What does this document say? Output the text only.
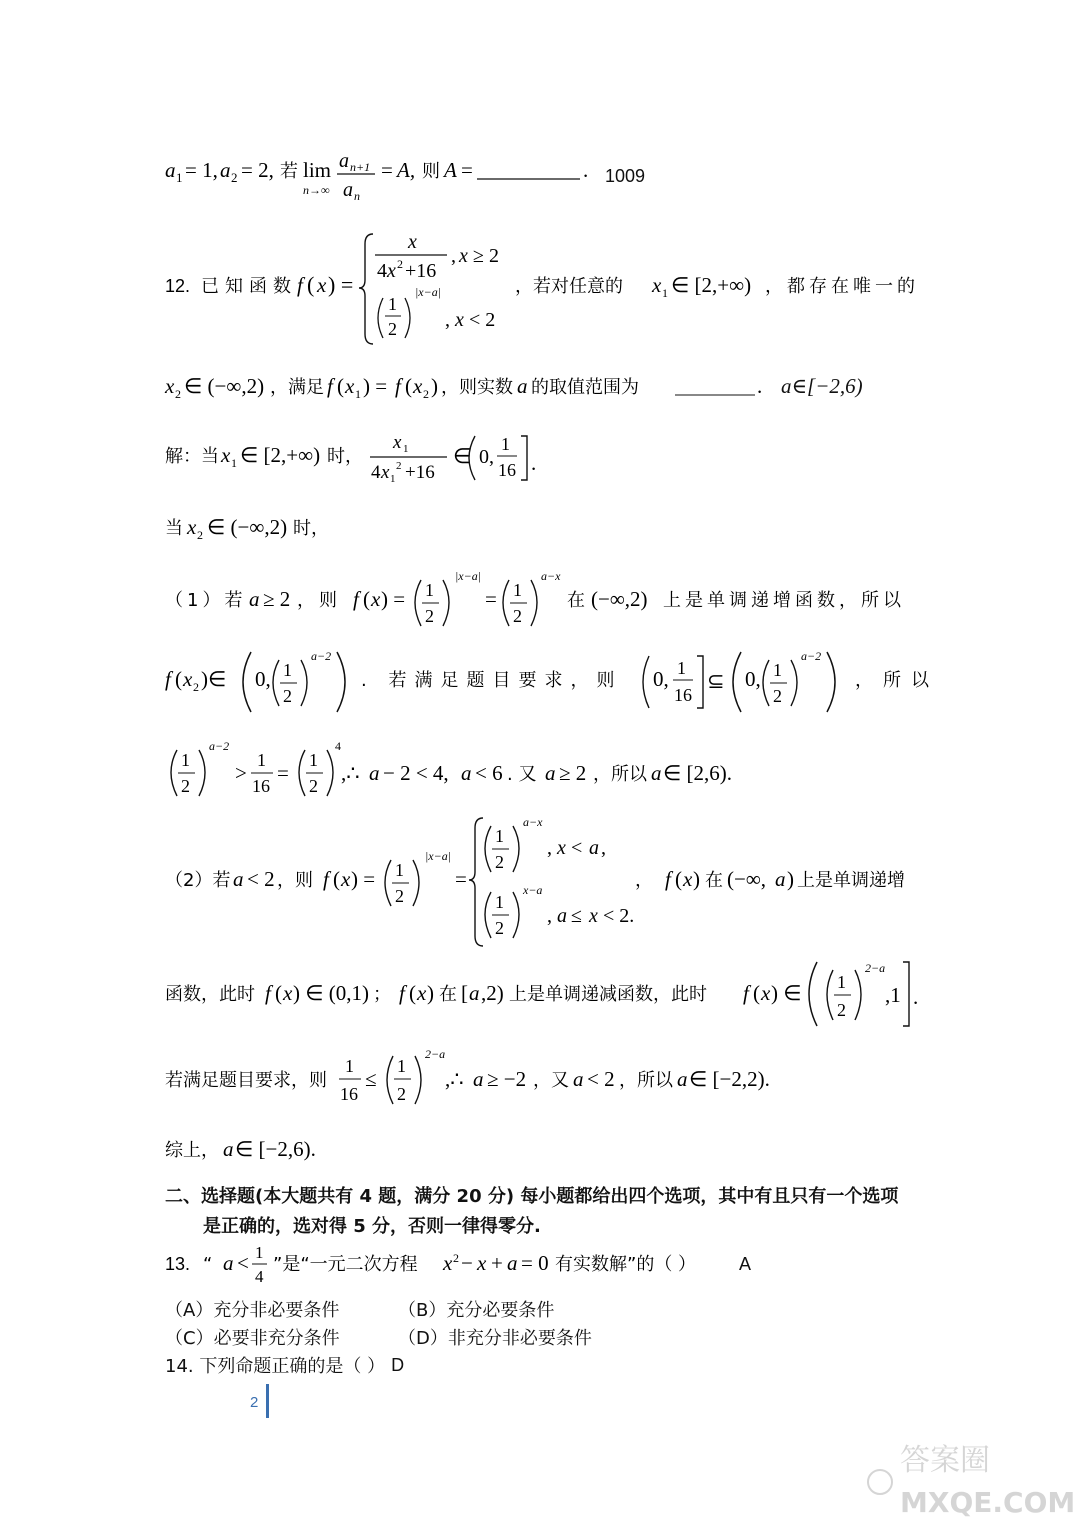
a 1 = 1, a 2 = 2, 若 lim
n→∞
a n+1
a n
= A, 则 A =	. 1009
12. 已知函数 f ( x ) =
x
4 x 2 +16
, x ≥ 2
1
2
|x−a|
, x < 2
，若对任意的 x 1 ∈ [2,+∞) ，都存在唯一的
x 2 ∈ (−∞,2) ，满足 f ( x 1 ) = f ( x 2 ) ，则实数 a 的取值范围为	. a∈[−2,6)
解：当 x 1 ∈ [2,+∞) 时，
x 1
4 x 1
2 +16
∈ 0,
1
16 .
当 x 2 ∈ (−∞,2) 时，
（1）若 a ≥ 2 ，则 f ( x ) = 1
2
|x−a|
= 1
2
a−x
在 (−∞,2) 上是单调递增函数，所以
f ( x 2 )∈ 0, 1
2
a−2
. 若满足题目要求，则 0, 1
16
⊆ 0, 1
2
a−2
，所以
1
2
a−2
>
1
16
=
1
2
4
,∴ a − 2 < 4, a < 6 . 又 a ≥ 2 ，所以 a ∈ [2,6).
（2）若 a < 2 ，则 f ( x ) = 1
2
|x−a|
=
1
2
a−x
, x < a ,
1
2
x−a
, a ≤ x < 2.
， f ( x ) 在 (−∞, a ) 上是单调递增
函数，此时 f ( x ) ∈ (0,1) ； f ( x ) 在 [ a ,2) 上是单调递减函数，此时 f ( x ) ∈ 1
2
2−a
,1 .
若满足题目要求，则
1
16
≤
1
2
2−a
,∴ a ≥ −2 ，又 a < 2 ，所以 a ∈ [−2,2).
综上， a ∈ [−2,6).
二、选择题(本大题共有 4 题，满分 20 分) 每小题都给出四个选项，其中有且只有一个选项
是正确的，选对得 5 分，否则一律得零分.
13. “ a < 1
4
”是“一元二次方程 x 2 − x + a = 0 有实数解”的（ ） A
（A）充分非必要条件	（B）充分必要条件
（C）必要非充分条件	（D）非充分非必要条件
14. 下列命题正确的是（ ） D
2
答案圈
MXQE.COM
